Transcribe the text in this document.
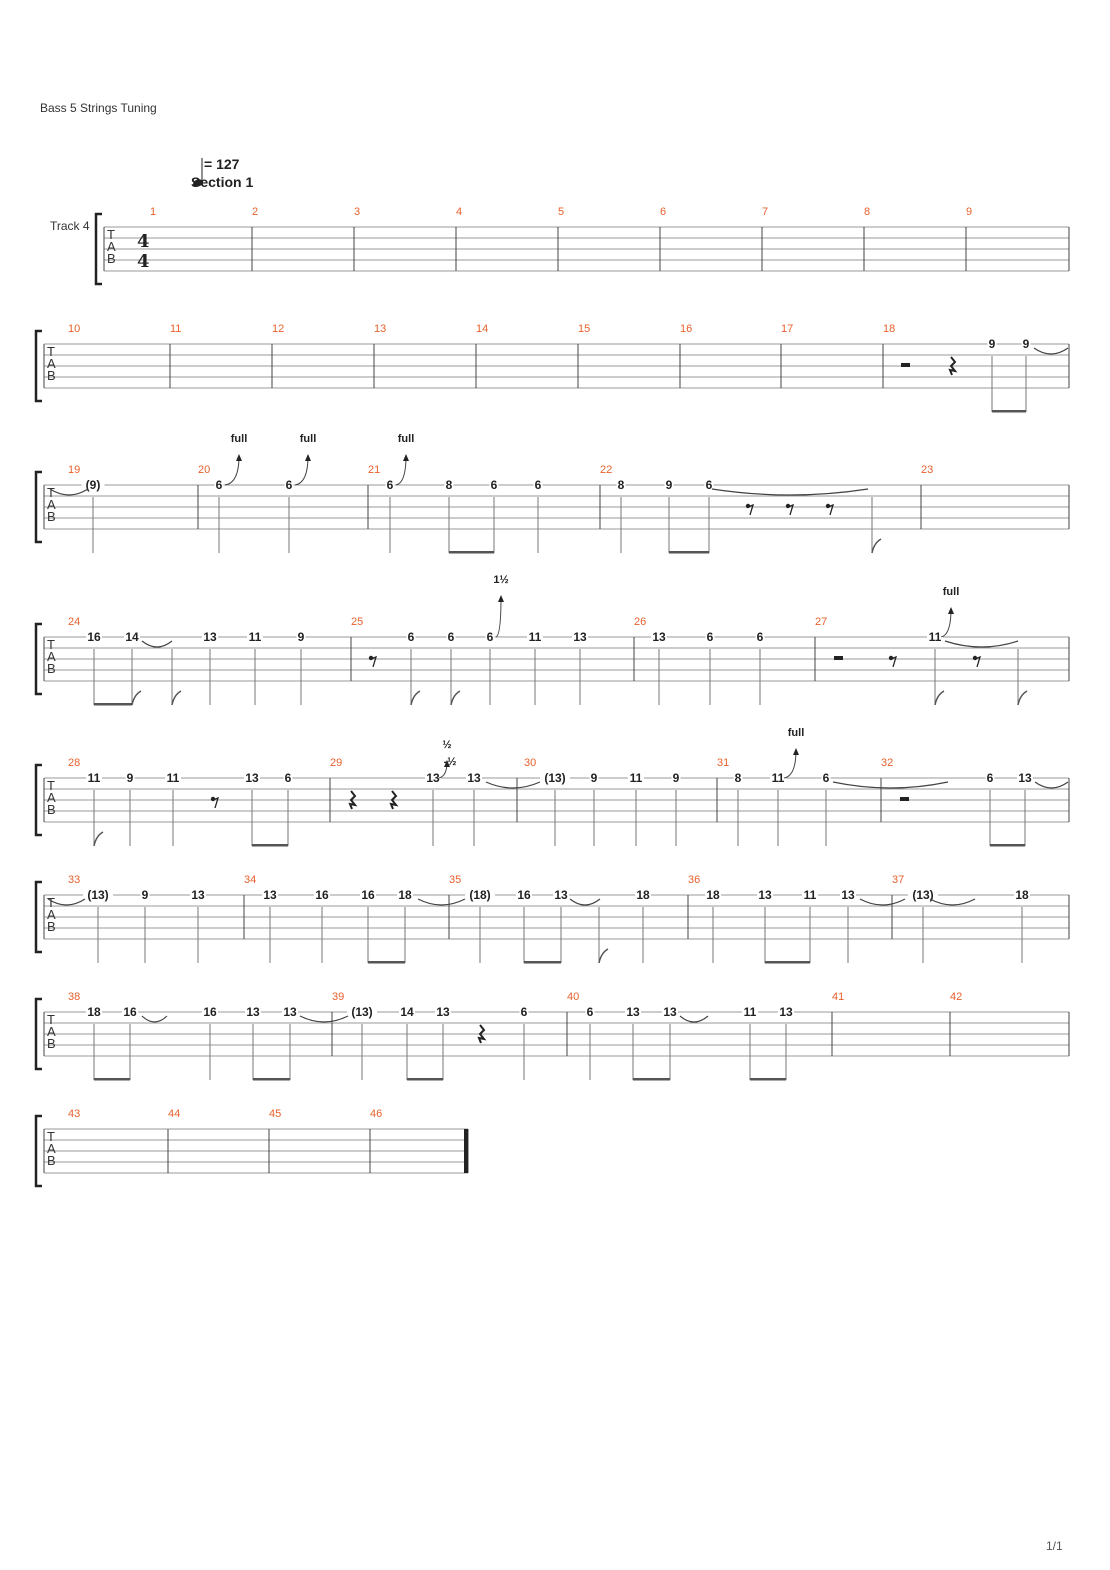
Bass 5 Strings Tuning
= 127
Section 1
Track 4
1/1
T
A
B
1	2	3	4	5	6	7	8	9
4
4
T
A
B
10	11	12	13	14	15	16	17	18
9 9
T
A
B
19	20	21	22	23
(9)	6	6	6	8	6	6	8	9	6
full	full	full
T
A
B
24	25	26	27
16 14	13	11	9	6	6	6	11	13	13	6	6	11
1½
full
T
A
B
28	29	30	31	32
11 9	11	13 6	13 13	(13) 9	11	9	8	11	6	6 13
½
-½
full
T
A
B
33	34	35	36	37
(13)	9	13	13	16	16 18	(18) 16 13	18	18	13	11 13	(13)	18
T
A
B
38	39	40	41	42
18 16	16 13 13	(13) 14 13	6	6	13 13	11 13
T
A
B
43	44	45	46
